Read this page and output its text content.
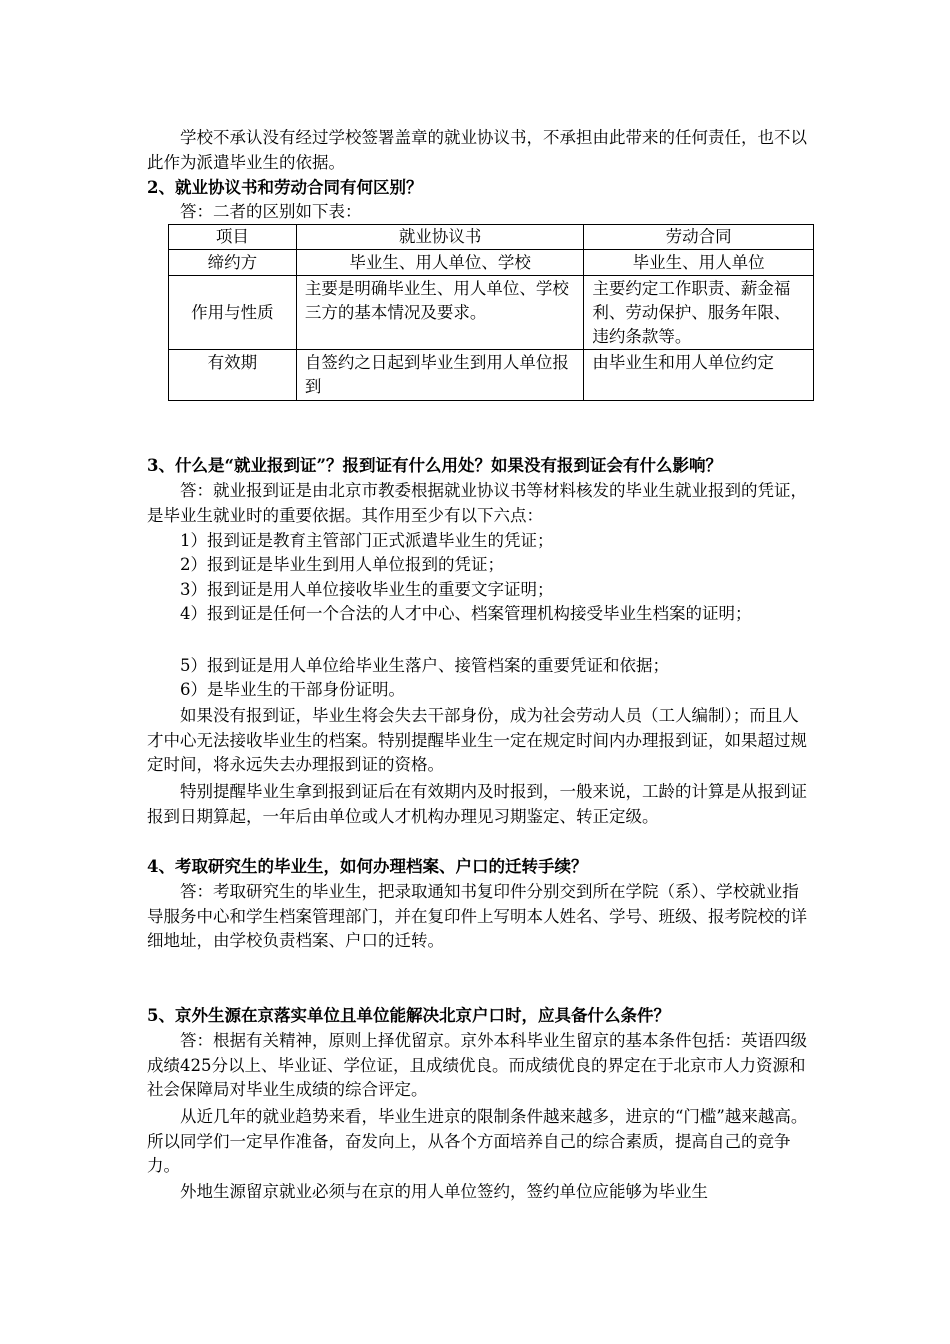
学校不承认没有经过学校签署盖章的就业协议书，不承担由此带来的任何责任，也不以此作为派遣毕业生的依据。

2、就业协议书和劳动合同有何区别？

答：二者的区别如下表：

项目	就业协议书	劳动合同
缔约方	毕业生、用人单位、学校	毕业生、用人单位
作用与性质	主要是明确毕业生、用人单位、学校三方的基本情况及要求。	主要约定工作职责、薪金福利、劳动保护、服务年限、违约条款等。
有效期	自签约之日起到毕业生到用人单位报到	由毕业生和用人单位约定

3、什么是“就业报到证”？报到证有什么用处？如果没有报到证会有什么影响？

答：就业报到证是由北京市教委根据就业协议书等材料核发的毕业生就业报到的凭证，是毕业生就业时的重要依据。其作用至少有以下六点：

1）报到证是教育主管部门正式派遣毕业生的凭证；

2）报到证是毕业生到用人单位报到的凭证；

3）报到证是用人单位接收毕业生的重要文字证明；

4）报到证是任何一个合法的人才中心、档案管理机构接受毕业生档案的证明；

5）报到证是用人单位给毕业生落户、接管档案的重要凭证和依据；

6）是毕业生的干部身份证明。

如果没有报到证，毕业生将会失去干部身份，成为社会劳动人员（工人编制）；而且人才中心无法接收毕业生的档案。特别提醒毕业生一定在规定时间内办理报到证，如果超过规定时间，将永远失去办理报到证的资格。

特别提醒毕业生拿到报到证后在有效期内及时报到，一般来说，工龄的计算是从报到证报到日期算起，一年后由单位或人才机构办理见习期鉴定、转正定级。

4、考取研究生的毕业生，如何办理档案、户口的迁转手续？

答：考取研究生的毕业生，把录取通知书复印件分别交到所在学院（系）、学校就业指导服务中心和学生档案管理部门，并在复印件上写明本人姓名、学号、班级、报考院校的详细地址，由学校负责档案、户口的迁转。

5、京外生源在京落实单位且单位能解决北京户口时，应具备什么条件？

答：根据有关精神，原则上择优留京。京外本科毕业生留京的基本条件包括：英语四级成绩425分以上、毕业证、学位证，且成绩优良。而成绩优良的界定在于北京市人力资源和社会保障局对毕业生成绩的综合评定。

从近几年的就业趋势来看，毕业生进京的限制条件越来越多，进京的“门槛”越来越高。所以同学们一定早作准备，奋发向上，从各个方面培养自己的综合素质，提高自己的竞争力。

外地生源留京就业必须与在京的用人单位签约，签约单位应能够为毕业生
